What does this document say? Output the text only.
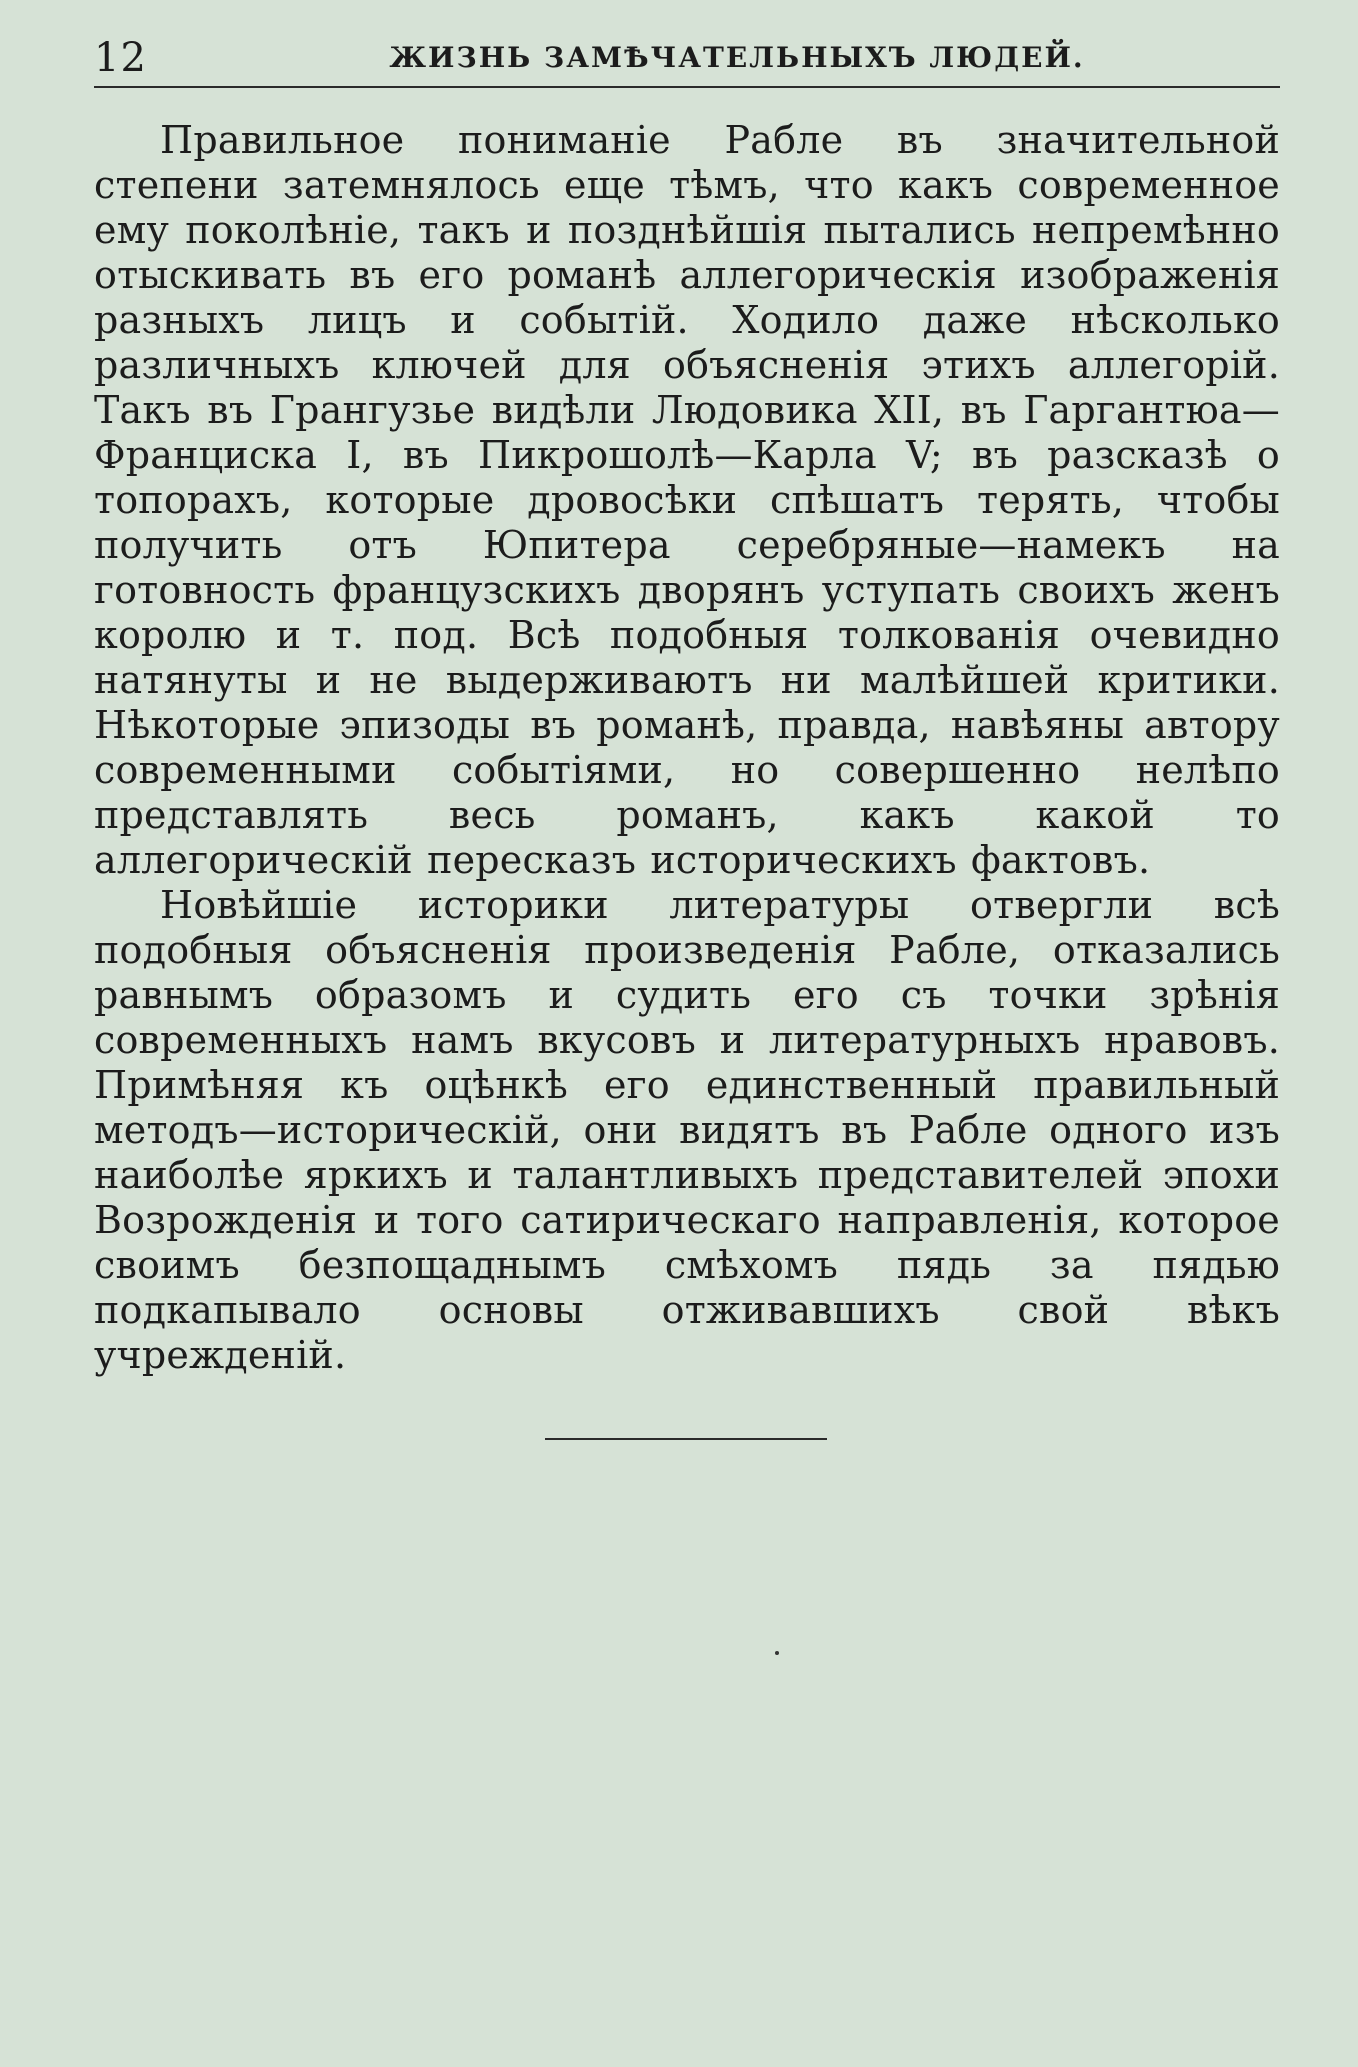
12	ЖИЗНЬ ЗАМѢЧАТЕЛЬНЫХЪ ЛЮДЕЙ.

Правильное пониманіе Рабле въ значительной степени затемнялось еще тѣмъ, что какъ современное ему поколѣніе, такъ и позднѣйшія пытались непремѣнно отыскивать въ его романѣ аллегорическія изображенія разныхъ лицъ и событій. Ходило даже нѣсколько различныхъ ключей для объясненія этихъ аллегорій. Такъ въ Грангузье видѣли Людовика XII, въ Гаргантюа—Франциска I, въ Пикрошолѣ—Карла V; въ разсказѣ о топорахъ, которые дровосѣки спѣшатъ терять, чтобы получить отъ Юпитера серебряные—намекъ на готовность французскихъ дворянъ уступать своихъ женъ королю и т. под. Всѣ подобныя толкованія очевидно натянуты и не выдерживаютъ ни малѣйшей критики. Нѣкоторые эпизоды въ романѣ, правда, навѣяны автору современными событіями, но совершенно нелѣпо представлять весь романъ, какъ какой то аллегорическій пересказъ историческихъ фактовъ.

Новѣйшіе историки литературы отвергли всѣ подобныя объясненія произведенія Рабле, отказались равнымъ образомъ и судить его съ точки зрѣнія современныхъ намъ вкусовъ и литературныхъ нравовъ. Примѣняя къ оцѣнкѣ его единственный правильный методъ—историческій, они видятъ въ Рабле одного изъ наиболѣе яркихъ и талантливыхъ представителей эпохи Возрожденія и того сатирическаго направленія, которое своимъ безпощаднымъ смѣхомъ пядь за пядью подкапывало основы отживавшихъ свой вѣкъ учрежденій.
